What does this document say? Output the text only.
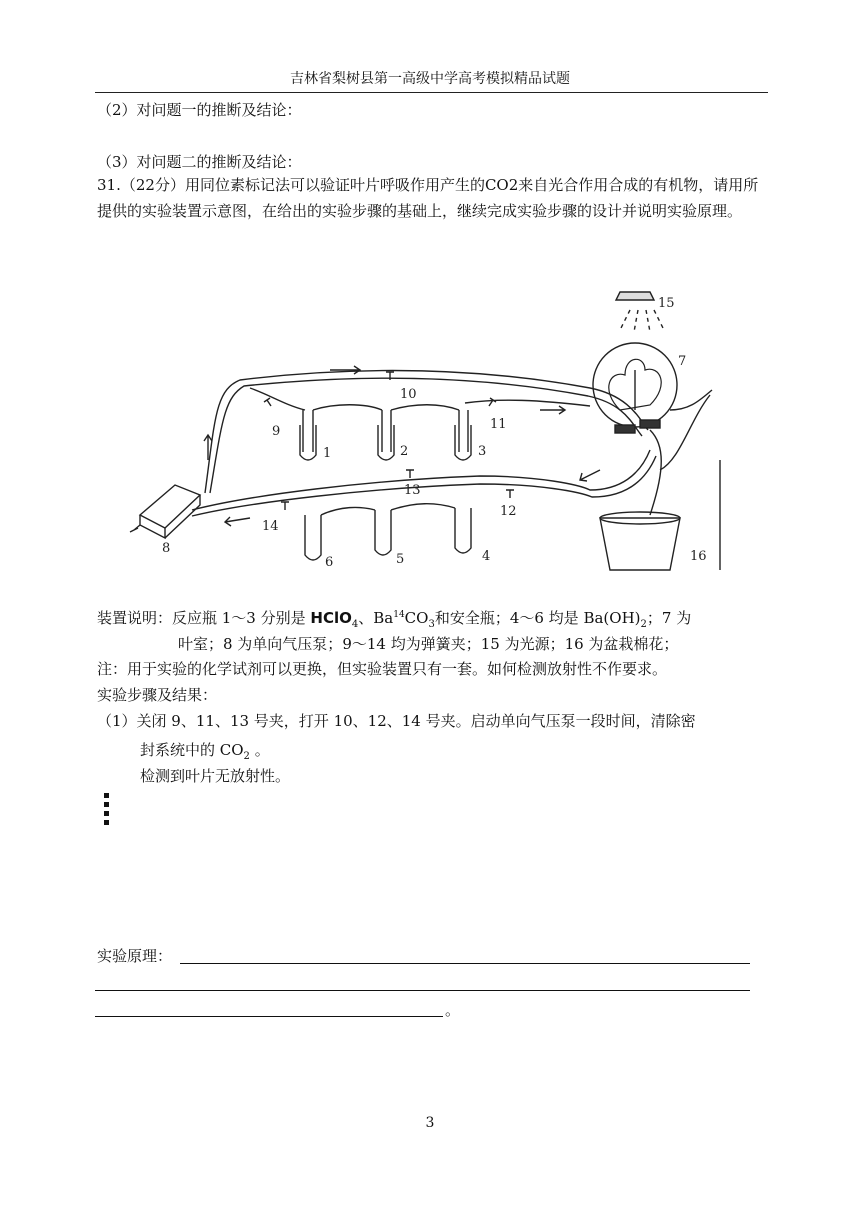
吉林省梨树县第一高级中学高考模拟精品试题
（2）对问题一的推断及结论：
（3）对问题二的推断及结论：
31.（22分）用同位素标记法可以验证叶片呼吸作用产生的CO2来自光合作用合成的有机物，请用所提供的实验装置示意图，在给出的实验步骤的基础上，继续完成实验步骤的设计并说明实验原理。
1	2	3
4
5
6
7
8
9
10
11
12
13
14
15
16
装置说明：反应瓶 1～3 分别是 HClO$_4$、$Ba^{14}CO_3$和安全瓶；4～6 均是 $Ba(OH)_2$；7 为
叶室；8 为单向气压泵；9～14 均为弹簧夹；15 为光源；16 为盆栽棉花；
注：用于实验的化学试剂可以更换，但实验装置只有一套。如何检测放射性不作要求。
实验步骤及结果：
（1）关闭 9、11、13 号夹，打开 10、12、14 号夹。启动单向气压泵一段时间，清除密
封系统中的 $CO_2$ 。
检测到叶片无放射性。
实验原理：
。
3
